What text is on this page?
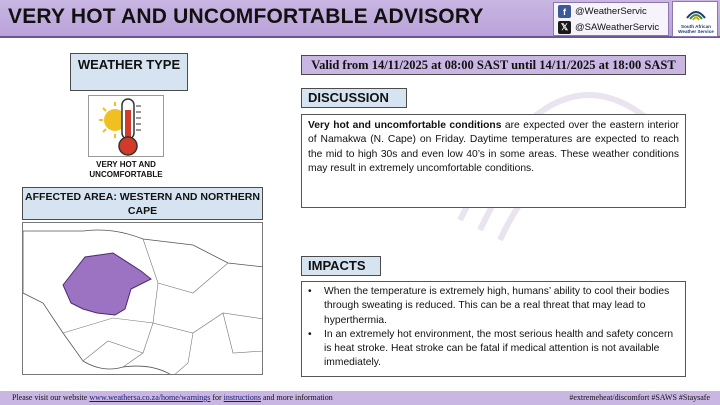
VERY HOT AND UNCOMFORTABLE ADVISORY	f @WeatherServic
𝕏 @SAWeatherServic	South African Weather Service
WEATHER TYPE
VERY HOT AND UNCOMFORTABLE
AFFECTED AREA: WESTERN AND NORTHERN CAPE
Valid from 14/11/2025 at 08:00 SAST until 14/11/2025 at 18:00 SAST
DISCUSSION
Very hot and uncomfortable conditions are expected over the eastern interior of Namakwa (N. Cape) on Friday. Daytime temperatures are expected to reach the mid to high 30s and even low 40’s in some areas. These weather conditions may result in extremely uncomfortable conditions.
IMPACTS
•	When the temperature is extremely high, humans’ ability to cool their bodies through sweating is reduced. This can be a real threat that may lead to hyperthermia.
•	In an extremely hot environment, the most serious health and safety concern is heat stroke. Heat stroke can be fatal if medical attention is not available immediately.
Please visit our website www.weathersa.co.za/home/warnings for instructions and more information	#extremeheat/discomfort #SAWS #Staysafe
